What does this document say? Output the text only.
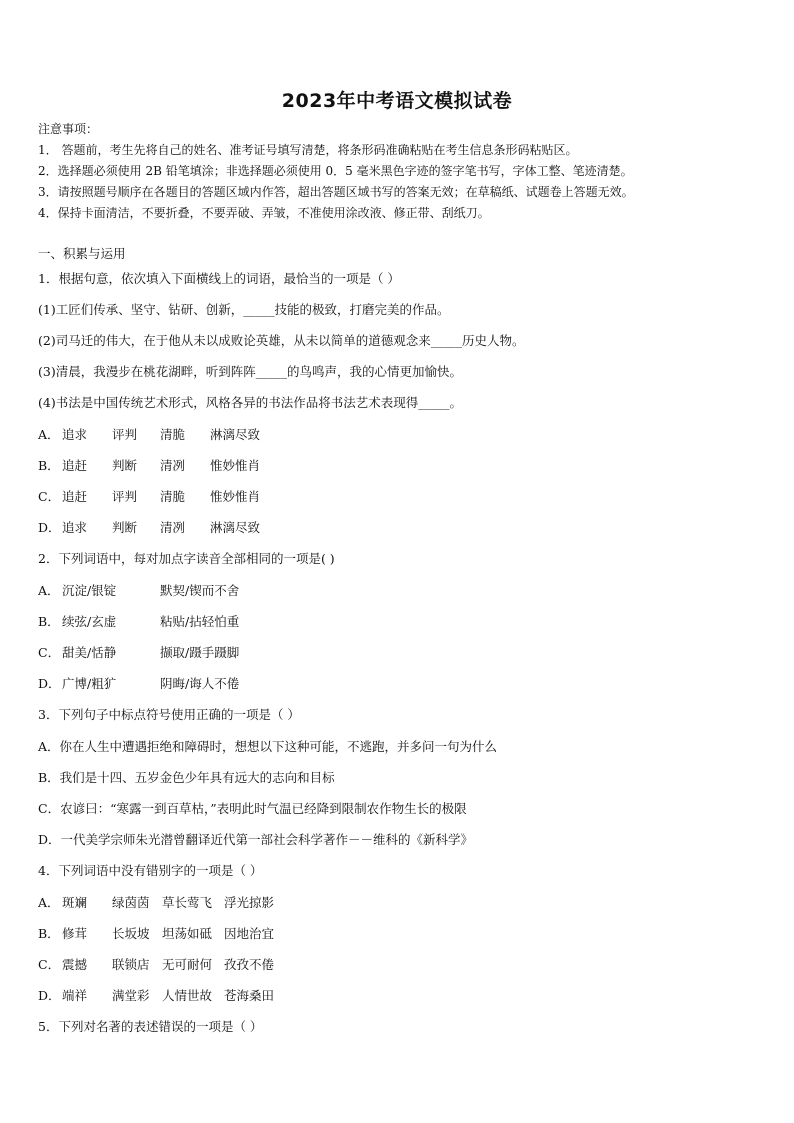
2023年中考语文模拟试卷
注意事项：
1． 答题前，考生先将自己的姓名、准考证号填写清楚，将条形码准确粘贴在考生信息条形码粘贴区。
2．选择题必须使用 2B 铅笔填涂；非选择题必须使用 0．5 毫米黑色字迹的签字笔书写，字体工整、笔迹清楚。
3．请按照题号顺序在各题目的答题区域内作答，超出答题区域书写的答案无效；在草稿纸、试题卷上答题无效。
4．保持卡面清洁，不要折叠，不要弄破、弄皱，不准使用涂改液、修正带、刮纸刀。
一、积累与运用
1．根据句意，依次填入下面横线上的词语，最恰当的一项是（ ）
(1)工匠们传承、坚守、钻研、创新，_____技能的极致，打磨完美的作品。
(2)司马迁的伟大，在于他从未以成败论英雄，从未以简单的道德观念来_____历史人物。
(3)清晨，我漫步在桃花湖畔，听到阵阵_____的鸟鸣声，我的心情更加愉快。
(4)书法是中国传统艺术形式，风格各异的书法作品将书法艺术表现得_____。
A． 追求 评判 清脆 淋漓尽致
B． 追赶 判断 清冽 惟妙惟肖
C． 追赶 评判 清脆 惟妙惟肖
D．追求 判断 清冽 淋漓尽致
2．下列词语中，每对加点字读音全部相同的一项是( )
A． 沉淀/银锭	默契/锲而不舍
B． 续弦/玄虚	粘贴/拈轻怕重
C． 甜美/恬静	撷取/蹑手蹑脚
D．广博/粗犷	阴晦/诲人不倦
3．下列句子中标点符号使用正确的一项是（ ）
A．你在人生中遭遇拒绝和障碍时，想想以下这种可能，不逃跑，并多问一句为什么
B．我们是十四、五岁金色少年具有远大的志向和目标
C．农谚曰：“寒露一到百草枯，”表明此时气温已经降到限制农作物生长的极限
D．一代美学宗师朱光潜曾翻译近代第一部社会科学著作－－维科的《新科学》
4．下列词语中没有错别字的一项是（ ）
A． 斑斓 绿茵茵 草长莺飞 浮光掠影
B． 修茸 长坂坡 坦荡如砥 因地治宜
C． 震撼 联锁店 无可耐何 孜孜不倦
D．端祥 满堂彩 人情世故 苍海桑田
5．下列对名著的表述错误的一项是（ ）
